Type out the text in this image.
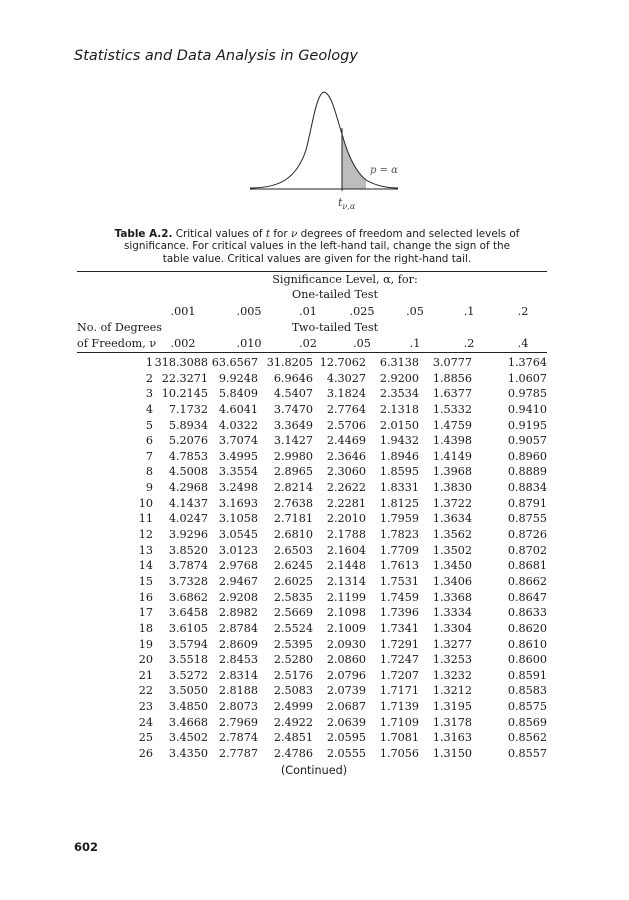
Statistics and Data Analysis in Geology
p = α
$t_{\nu,\alpha}$
Table A.2. Critical values of t for ν degrees of freedom and selected levels of significance. For critical values in the left-hand tail, change the sign of the table value. Critical values are given for the right-hand tail.
Significance Level, α, for:
One-tailed Test
.001	.005	.01	.025	.05	.1	.2
No. of Degrees	Two-tailed Test
of Freedom, ν .002	.010	.02	.05	.1	.2	.4
1 318.3088 63.6567 31.8205 12.7062 6.3138 3.0777	1.3764
2 22.3271 9.9248 6.9646 4.3027 2.9200 1.8856	1.0607
3 10.2145 5.8409 4.5407 3.1824 2.3534 1.6377	0.9785
4 7.1732 4.6041 3.7470 2.7764 2.1318 1.5332	0.9410
5 5.8934 4.0322 3.3649 2.5706 2.0150 1.4759	0.9195
6 5.2076 3.7074 3.1427 2.4469 1.9432 1.4398	0.9057
7 4.7853 3.4995 2.9980 2.3646 1.8946 1.4149	0.8960
8 4.5008 3.3554 2.8965 2.3060 1.8595 1.3968	0.8889
9 4.2968 3.2498 2.8214 2.2622 1.8331 1.3830	0.8834
10 4.1437 3.1693 2.7638 2.2281 1.8125 1.3722	0.8791
11 4.0247 3.1058 2.7181 2.2010 1.7959 1.3634	0.8755
12 3.9296 3.0545 2.6810 2.1788 1.7823 1.3562	0.8726
13 3.8520 3.0123 2.6503 2.1604 1.7709 1.3502	0.8702
14 3.7874 2.9768 2.6245 2.1448 1.7613 1.3450	0.8681
15 3.7328 2.9467 2.6025 2.1314 1.7531 1.3406	0.8662
16 3.6862 2.9208 2.5835 2.1199 1.7459 1.3368	0.8647
17 3.6458 2.8982 2.5669 2.1098 1.7396 1.3334	0.8633
18 3.6105 2.8784 2.5524 2.1009 1.7341 1.3304	0.8620
19 3.5794 2.8609 2.5395 2.0930 1.7291 1.3277	0.8610
20 3.5518 2.8453 2.5280 2.0860 1.7247 1.3253	0.8600
21 3.5272 2.8314 2.5176 2.0796 1.7207 1.3232	0.8591
22 3.5050 2.8188 2.5083 2.0739 1.7171 1.3212	0.8583
23 3.4850 2.8073 2.4999 2.0687 1.7139 1.3195	0.8575
24 3.4668 2.7969 2.4922 2.0639 1.7109 1.3178	0.8569
25 3.4502 2.7874 2.4851 2.0595 1.7081 1.3163	0.8562
26 3.4350 2.7787 2.4786 2.0555 1.7056 1.3150	0.8557
(Continued)
602
